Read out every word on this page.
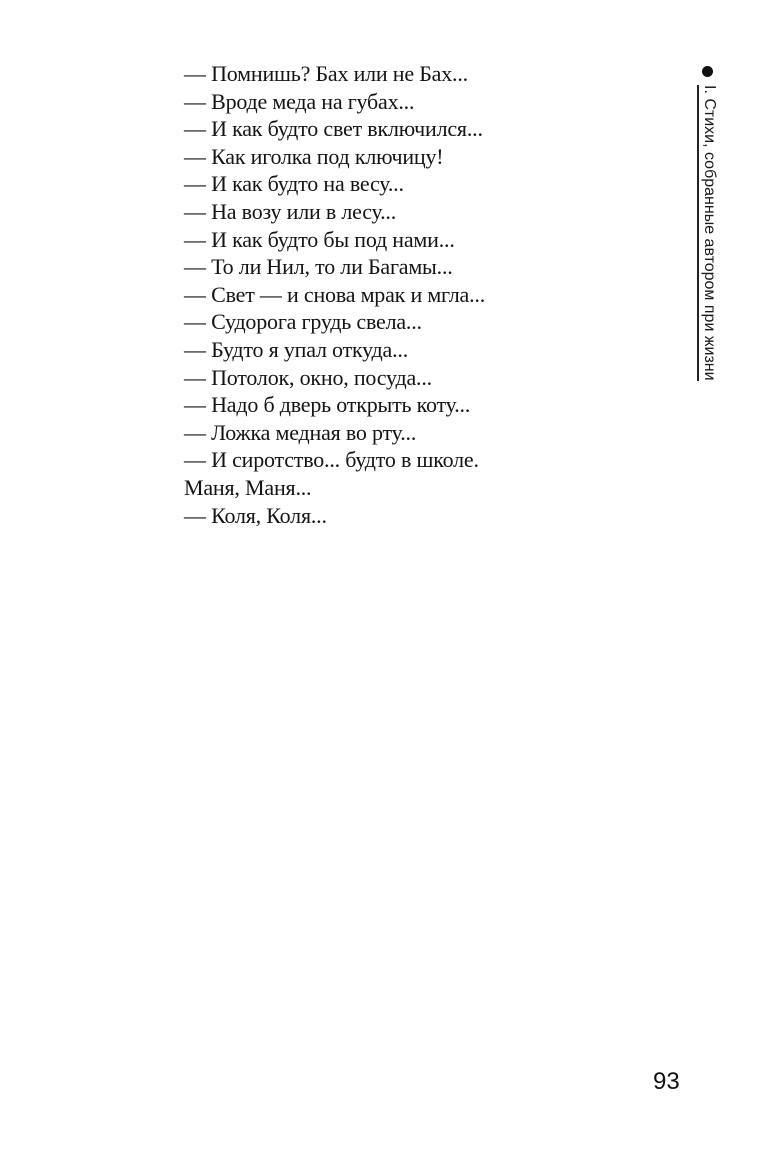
— Помнишь? Бах или не Бах...
— Вроде меда на губах...
— И как будто свет включился...
— Как иголка под ключицу!
— И как будто на весу...
— На возу или в лесу...
— И как будто бы под нами...
— То ли Нил, то ли Багамы...
— Свет — и снова мрак и мгла...
— Судорога грудь свела...
— Будто я упал откуда...
— Потолок, окно, посуда...
— Надо б дверь открыть коту...
— Ложка медная во рту...
— И сиротство... будто в школе.
Маня, Маня...
— Коля, Коля...
I. Стихи, собранные автором при жизни
93
